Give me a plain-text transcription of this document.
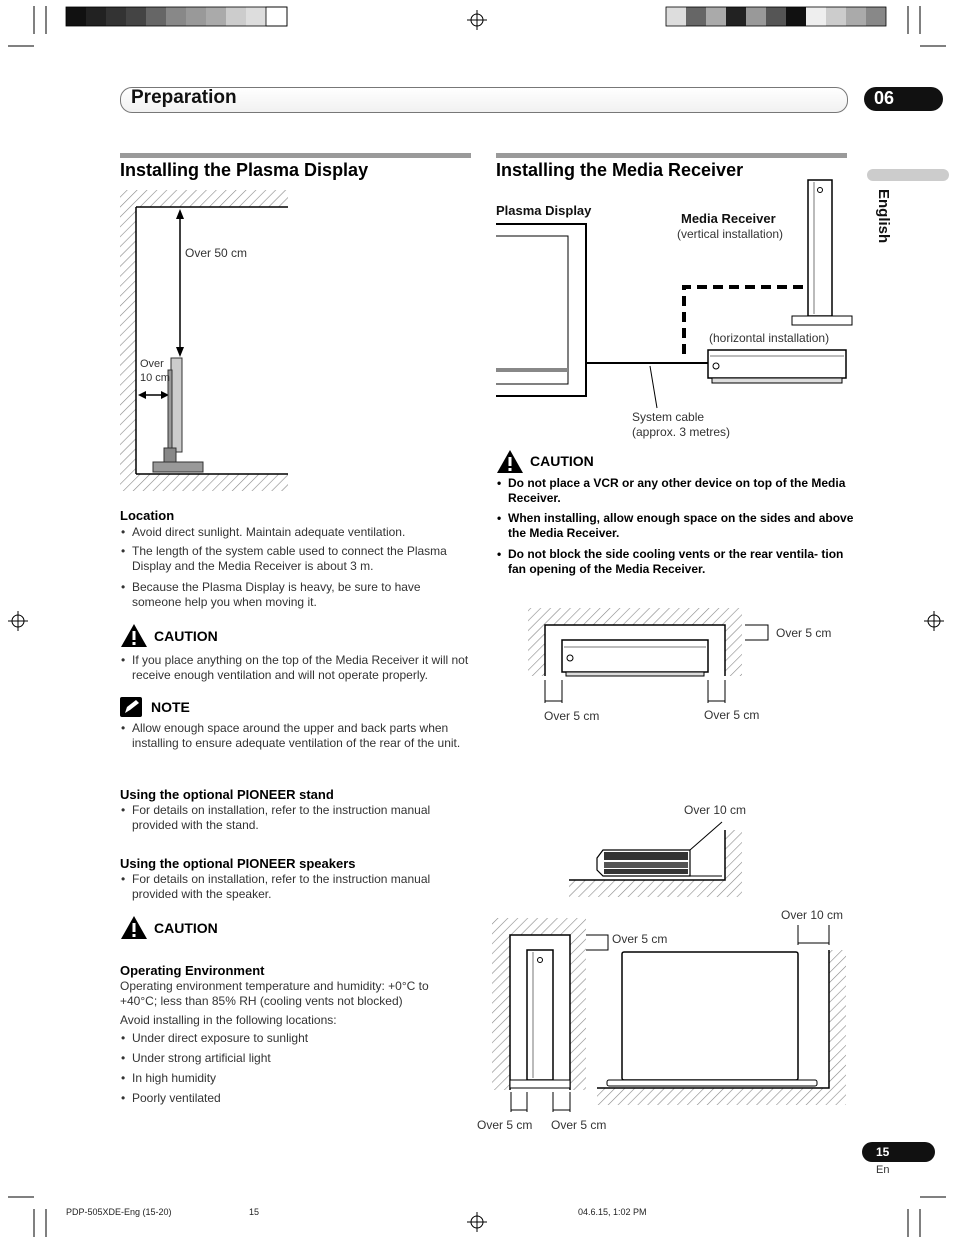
Preparation	06
English
Installing the Plasma Display
Over 50 cm
Over
10 cm
Location
• Avoid direct sunlight. Maintain adequate ventilation.
• The length of the system cable used to connect the Plasma Display and the Media Receiver is about 3 m.
• Because the Plasma Display is heavy, be sure to have someone help you when moving it.
CAUTION
• If you place anything on the top of the Media Receiver it will not receive enough ventilation and will not operate properly.
NOTE
• Allow enough space around the upper and back parts when installing to ensure adequate ventilation of the rear of the unit.
Using the optional PIONEER stand
• For details on installation, refer to the instruction manual provided with the stand.
Using the optional PIONEER speakers
• For details on installation, refer to the instruction manual provided with the speaker.
CAUTION
Operating Environment
Operating environment temperature and humidity: +0°C to +40°C; less than 85% RH (cooling vents not blocked)
Avoid installing in the following locations:
• Under direct exposure to sunlight
• Under strong artificial light
• In high humidity
• Poorly ventilated
Installing the Media Receiver
Plasma Display
Media Receiver
(vertical installation)
(horizontal installation)
System cable
(approx. 3 metres)
CAUTION
• Do not place a VCR or any other device on top of the Media Receiver.
• When installing, allow enough space on the sides and above the Media Receiver.
• Do not block the side cooling vents or the rear ventila- tion fan opening of the Media Receiver.
Over 5 cm
Over 5 cm	Over 5 cm
Over 10 cm
Over 5 cm
Over 10 cm
Over 5 cm Over 5 cm
15
En
PDP-505XDE-Eng (15-20)	15	04.6.15, 1:02 PM
